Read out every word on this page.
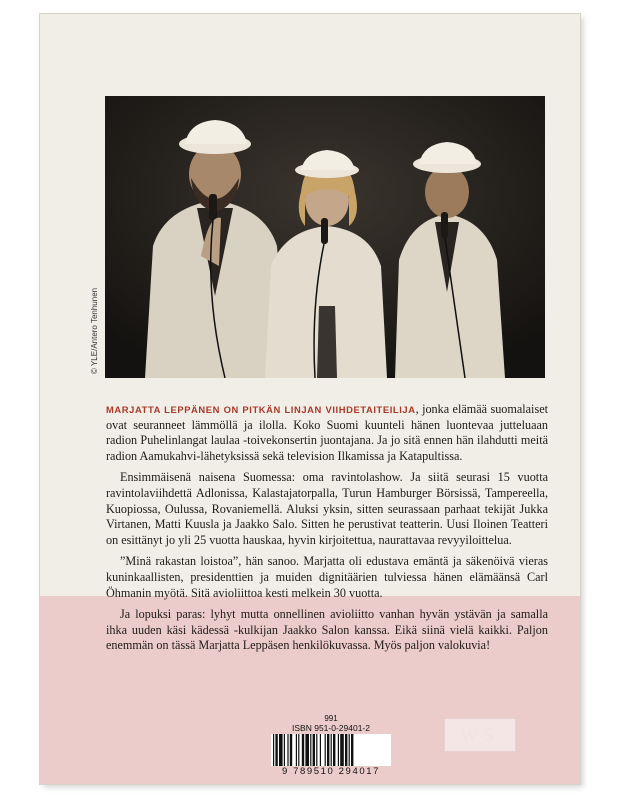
© YLE/Antero Tenhunen

MARJATTA LEPPÄNEN ON PITKÄN LINJAN VIIHDETAITEILIJA, jonka elämää suomalaiset ovat seuranneet lämmöllä ja ilolla. Koko Suomi kuunteli hänen luontevaa jutteluaan radion Puhelinlangat laulaa -toivekonsertin juontajana. Ja jo sitä ennen hän ilahdutti meitä radion Aamukahvi-lähetyksissä sekä television Ilkamissa ja Katapultissa.

Ensimmäisenä naisena Suomessa: oma ravintolashow. Ja siitä seurasi 15 vuotta ravintolaviihdettä Adlonissa, Kalastajatorpalla, Turun Hamburger Börsissä, Tampereella, Kuopiossa, Oulussa, Rovaniemellä. Aluksi yksin, sitten seurassaan parhaat tekijät Jukka Virtanen, Matti Kuusla ja Jaakko Salo. Sitten he perustivat teatterin. Uusi Iloinen Teatteri on esittänyt jo yli 25 vuotta hauskaa, hyvin kirjoitettua, naurattavaa revyyiloittelua.

”Minä rakastan loistoa”, hän sanoo. Marjatta oli edustava emäntä ja säkenöivä vieras kuninkaallisten, presidenttien ja muiden dignitäärien tulviessa hänen elämäänsä Carl Öhmanin myötä. Sitä avioliittoa kesti melkein 30 vuotta.

Ja lopuksi paras: lyhyt mutta onnellinen avioliitto vanhan hyvän ystävän ja samalla ihka uuden käsi kädessä -kulkijan Jaakko Salon kanssa. Eikä siinä vielä kaikki. Paljon enemmän on tässä Marjatta Leppäsen henkilökuvassa. Myös paljon valokuvia!

991
ISBN 951-0-29401-2
9 789510 294017
WS
